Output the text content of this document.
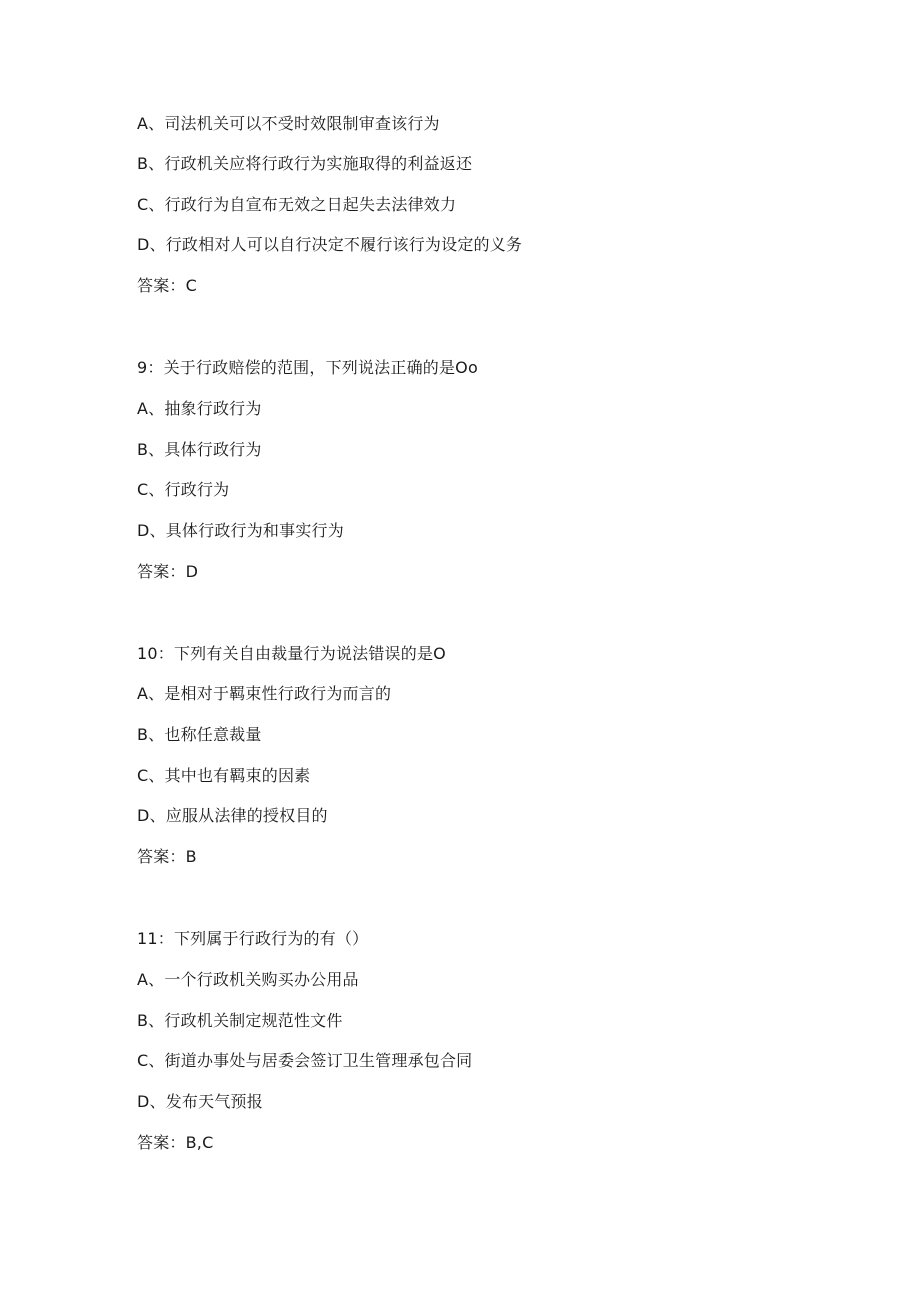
A、司法机关可以不受时效限制审查该行为
B、行政机关应将行政行为实施取得的利益返还
C、行政行为自宣布无效之日起失去法律效力
D、行政相对人可以自行决定不履行该行为设定的义务
答案：C
9：关于行政赔偿的范围，下列说法正确的是Oo
A、抽象行政行为
B、具体行政行为
C、行政行为
D、具体行政行为和事实行为
答案：D
10：下列有关自由裁量行为说法错误的是O
A、是相对于羁束性行政行为而言的
B、也称任意裁量
C、其中也有羁束的因素
D、应服从法律的授权目的
答案：B
11：下列属于行政行为的有（）
A、一个行政机关购买办公用品
B、行政机关制定规范性文件
C、街道办事处与居委会签订卫生管理承包合同
D、发布天气预报
答案：B,C
